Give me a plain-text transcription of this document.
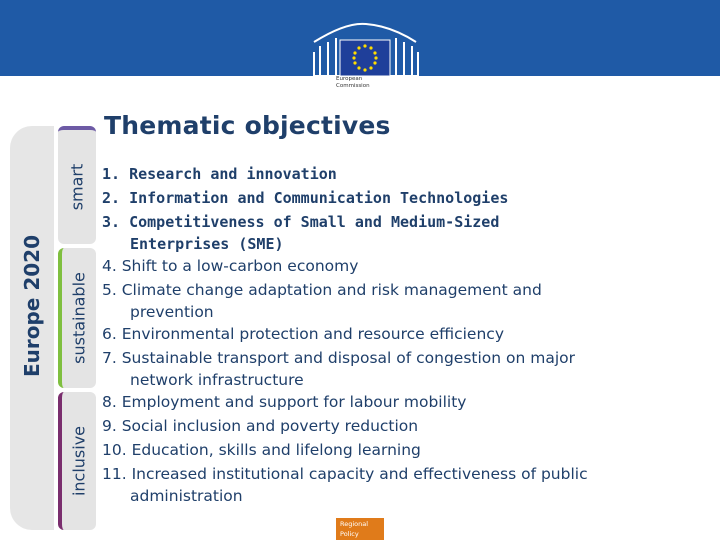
European
Commission
Thematic objectives
Europe 2020
smart
sustainable
inclusive
1. Research and innovation
2. Information and Communication Technologies
3. Competitiveness of Small and Medium-Sized
Enterprises (SME)
4. Shift to a low-carbon economy
5. Climate change adaptation and risk management and
prevention
6. Environmental protection and resource efficiency
7. Sustainable transport and disposal of congestion on major
network infrastructure
8. Employment and support for labour mobility
9. Social inclusion and poverty reduction
10. Education, skills and lifelong learning
11. Increased institutional capacity and effectiveness of public
administration
Regional
Policy
